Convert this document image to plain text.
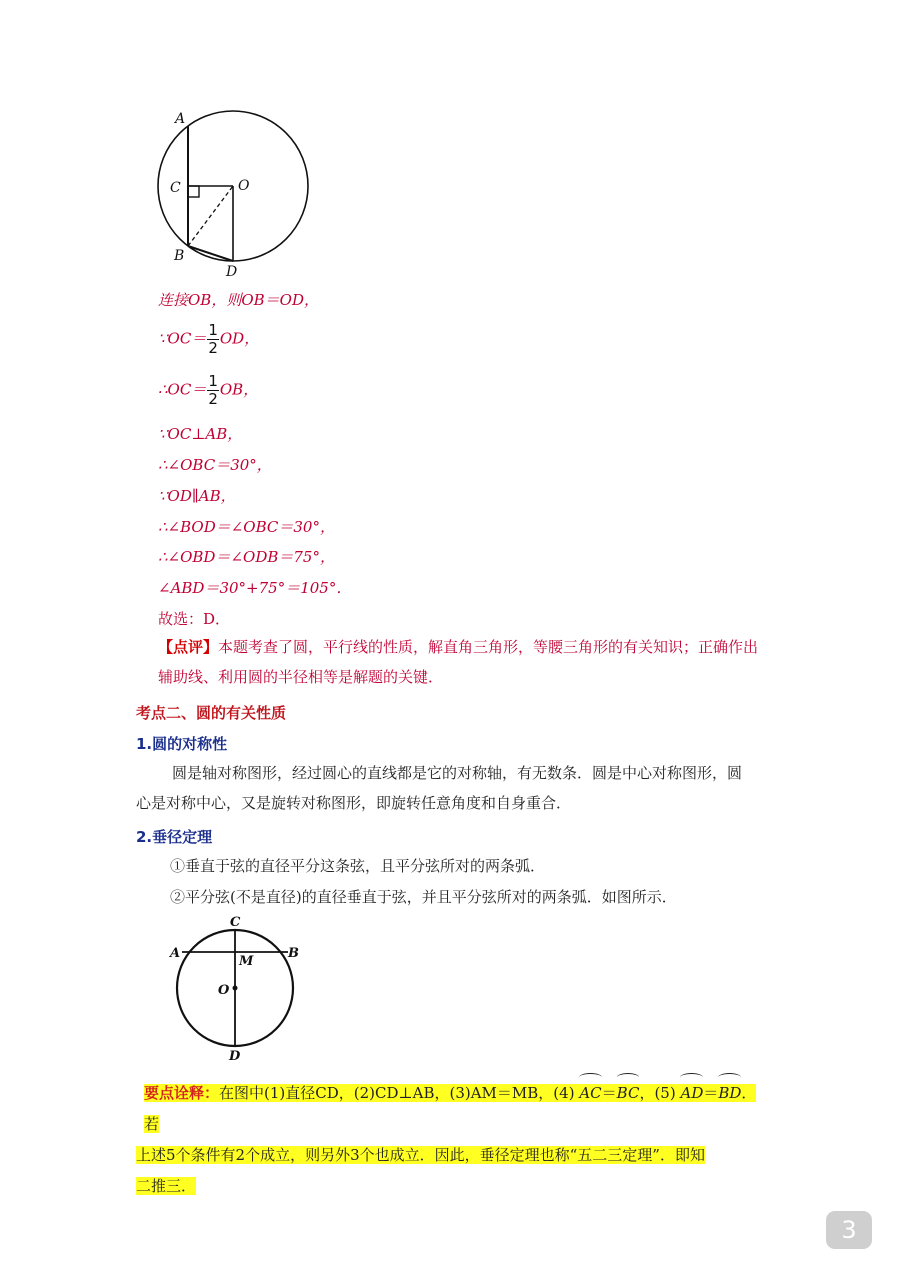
A
C	O
B
D
连接OB，则OB＝OD，
∵OC＝ $\frac{1}{2}$ OD，
∴OC＝ $\frac{1}{2}$ OB，
∵OC⊥AB，
∴∠OBC＝30°，
∵OD∥AB，
∴∠BOD＝∠OBC＝30°，
∴∠OBD＝∠ODB＝75°，
∠ABD＝30°+75°＝105°．
故选：D．
【点评】本题考查了圆，平行线的性质，解直角三角形，等腰三角形的有关知识；正确作出辅助线、利用圆的半径相等是解题的关键．
考点二、圆的有关性质
1.圆的对称性
圆是轴对称图形，经过圆心的直线都是它的对称轴，有无数条．圆是中心对称图形，圆
心是对称中心，又是旋转对称图形，即旋转任意角度和自身重合．
2.垂径定理
①垂直于弦的直径平分这条弦，且平分弦所对的两条弧．
②平分弦(不是直径)的直径垂直于弦，并且平分弦所对的两条弧．如图所示．
C
A	B
M
O
D
要点诠释：在图中(1)直径CD，(2)CD⊥AB，(3)AM＝MB，(4) AC＝BC，(5) AD＝BD．若
上述5个条件有2个成立，则另外3个也成立．因此，垂径定理也称“五二三定理”．即知
二推三．
3
